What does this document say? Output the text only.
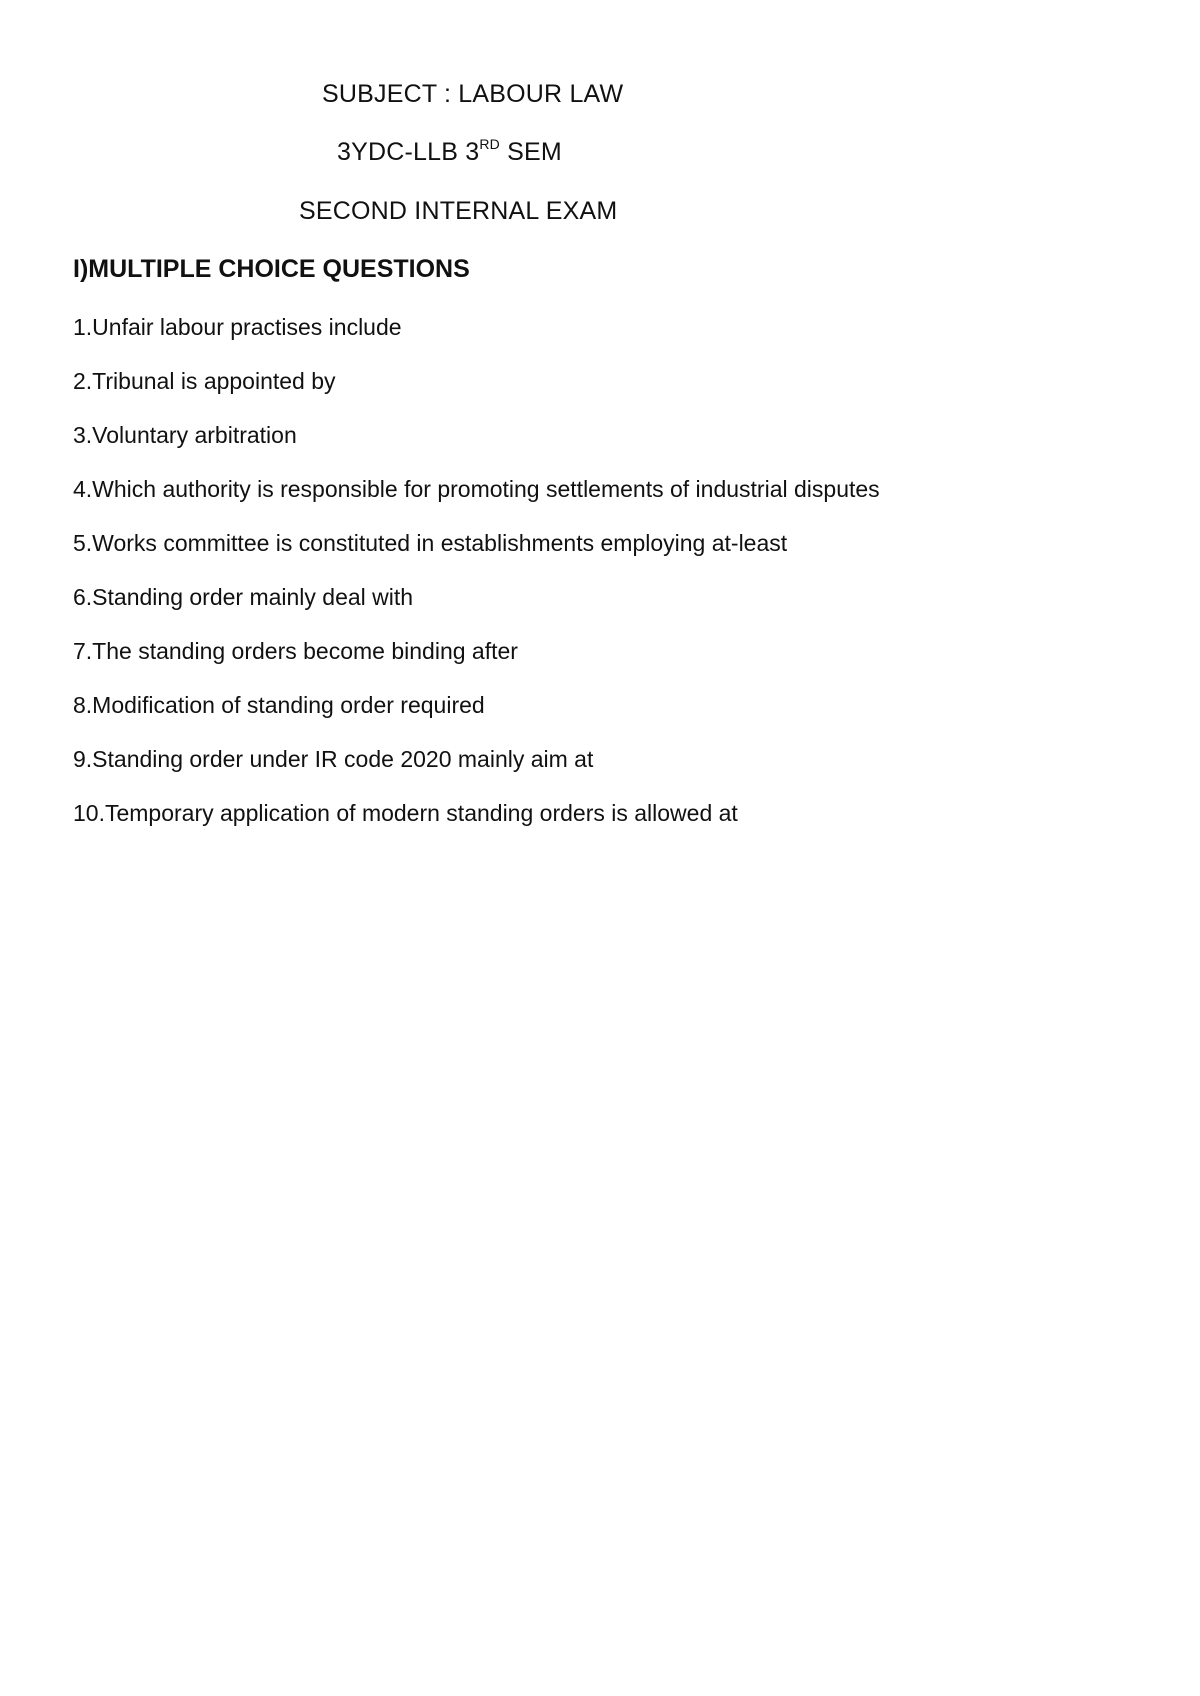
SUBJECT : LABOUR LAW
3YDC-LLB 3RD SEM
SECOND INTERNAL EXAM
I)MULTIPLE CHOICE QUESTIONS
1.Unfair labour practises include
2.Tribunal is appointed by
3.Voluntary arbitration
4.Which authority is responsible for promoting settlements of industrial disputes
5.Works committee is constituted in establishments employing at-least
6.Standing order mainly deal with
7.The standing orders become binding after
8.Modification of standing order required
9.Standing order under IR code 2020 mainly aim at
10.Temporary application of modern standing orders is allowed at
